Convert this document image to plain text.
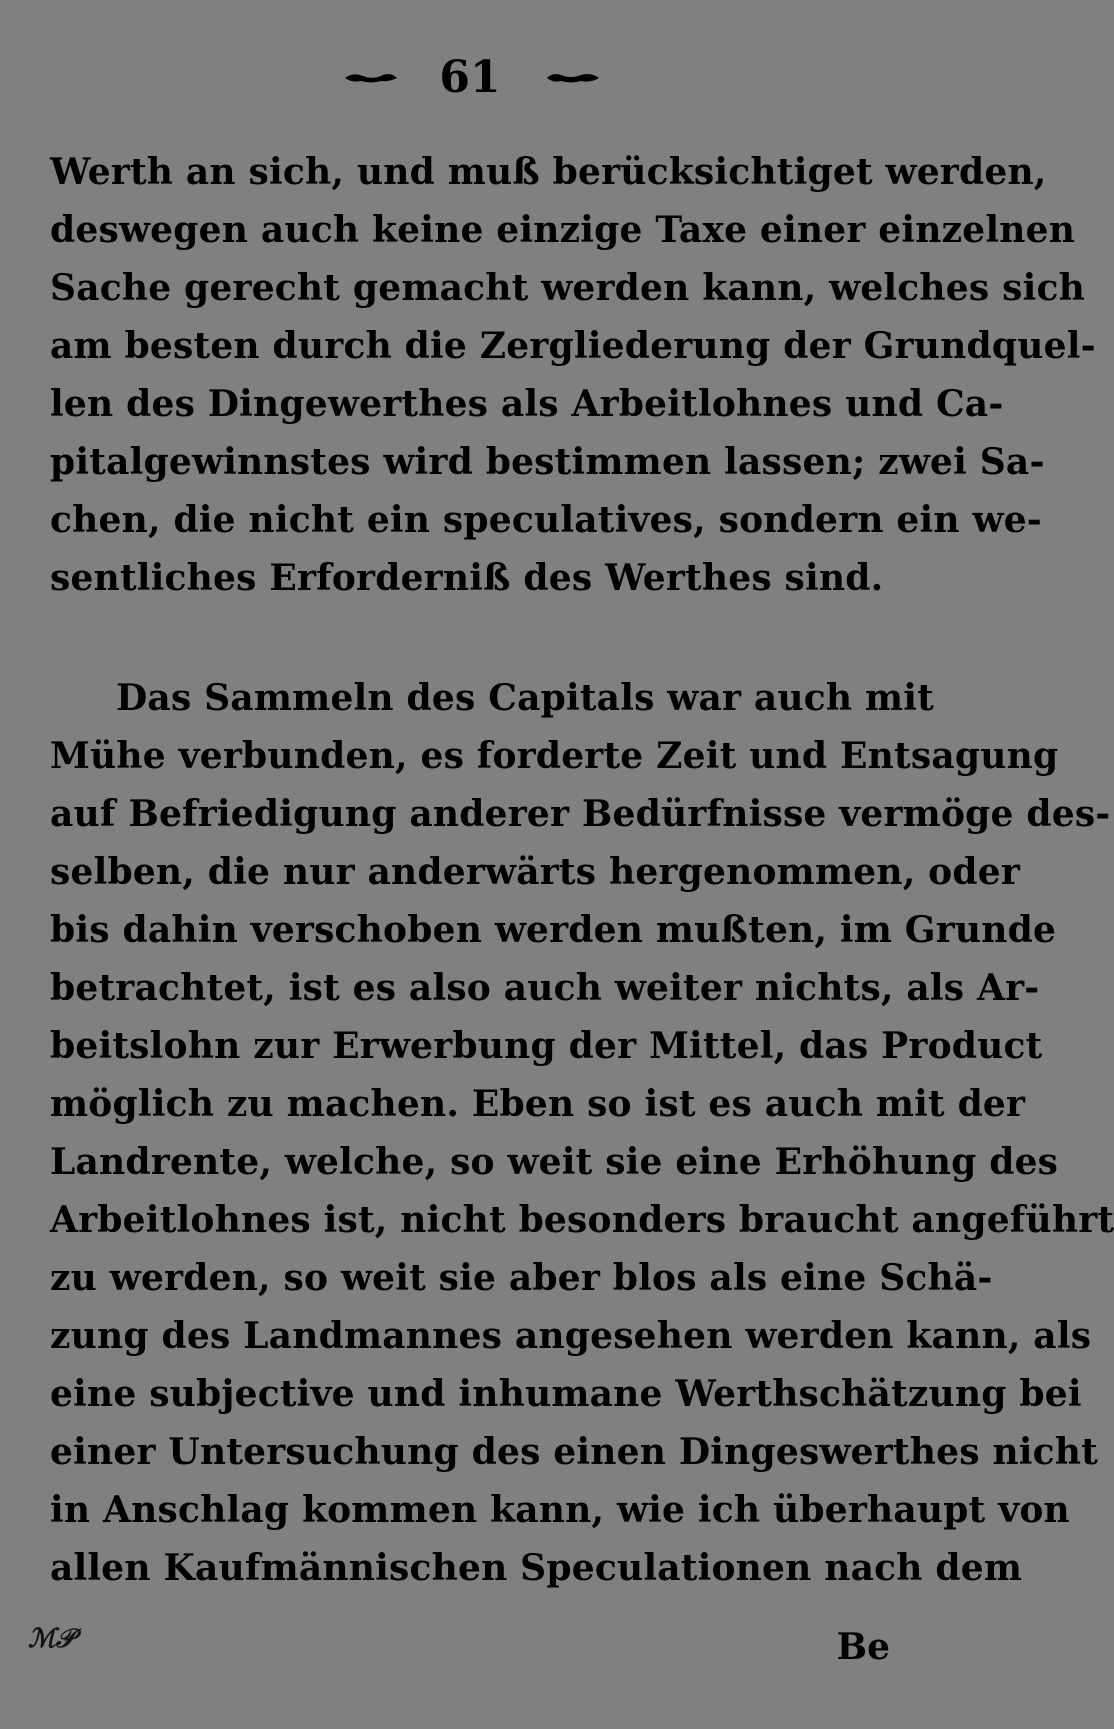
61
Werth an sich, und muß berücksichtiget werden,
deswegen auch keine einzige Taxe einer einzelnen
Sache gerecht gemacht werden kann, welches sich
am besten durch die Zergliederung der Grundquel-
len des Dingewerthes als Arbeitlohnes und Ca-
pitalgewinnstes wird bestimmen lassen; zwei Sa-
chen, die nicht ein speculatives, sondern ein we-
sentliches Erforderniß des Werthes sind.
Das Sammeln des Capitals war auch mit
Mühe verbunden, es forderte Zeit und Entsagung
auf Befriedigung anderer Bedürfnisse vermöge des-
selben, die nur anderwärts hergenommen, oder
bis dahin verschoben werden mußten, im Grunde
betrachtet, ist es also auch weiter nichts, als Ar-
beitslohn zur Erwerbung der Mittel, das Product
möglich zu machen. Eben so ist es auch mit der
Landrente, welche, so weit sie eine Erhöhung des
Arbeitlohnes ist, nicht besonders braucht angeführt
zu werden, so weit sie aber blos als eine Schä-
zung des Landmannes angesehen werden kann, als
eine subjective und inhumane Werthschätzung bei
einer Untersuchung des einen Dingeswerthes nicht
in Anschlag kommen kann, wie ich überhaupt von
allen Kaufmännischen Speculationen nach dem
ℳ𝒫	Be
